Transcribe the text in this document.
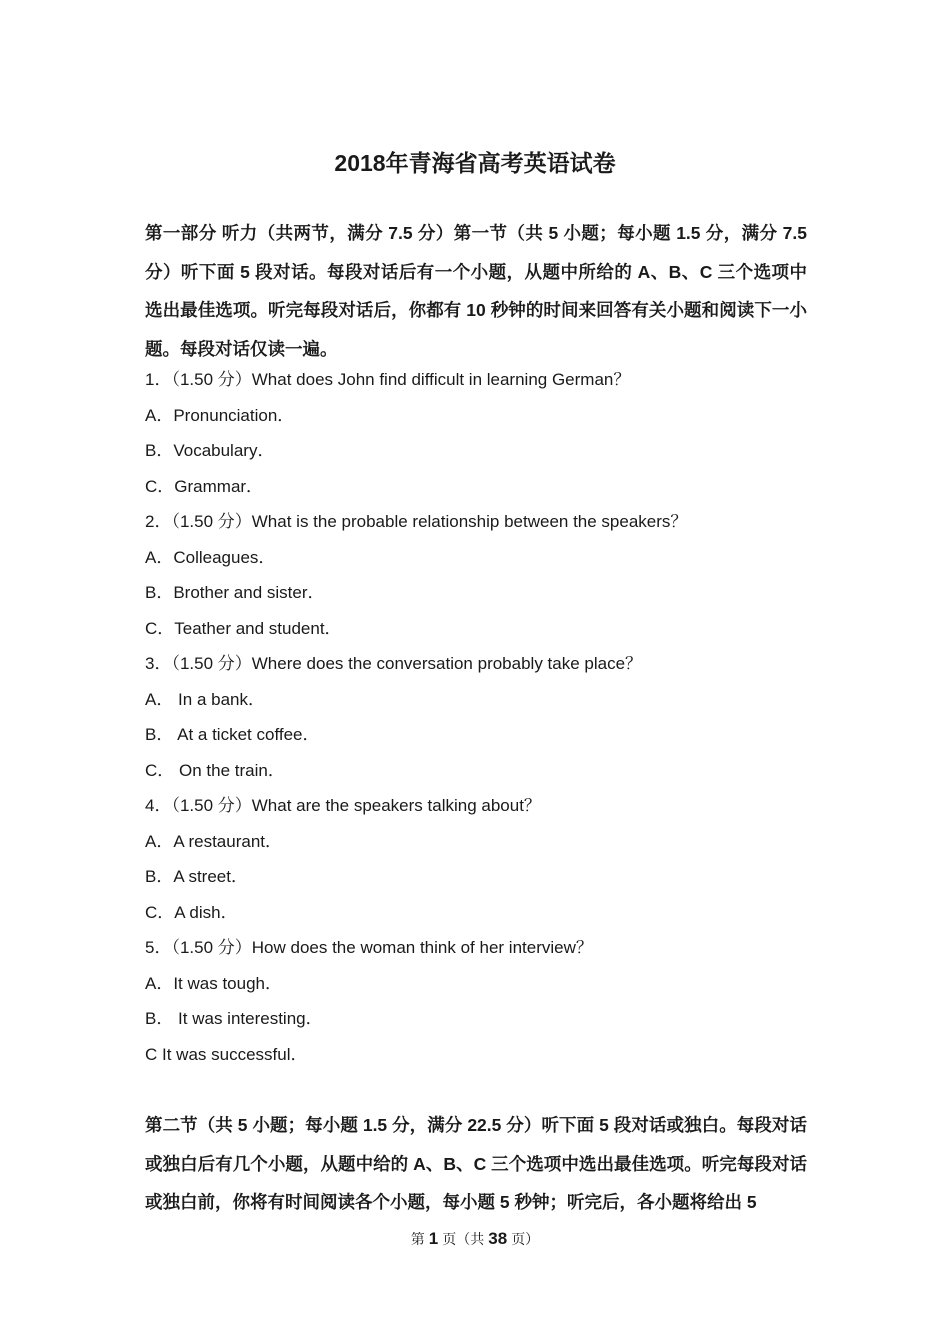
2018年青海省高考英语试卷

第一部分 听力（共两节，满分 7.5 分）第一节（共 5 小题；每小题 1.5 分，满分 7.5 分）听下面 5 段对话。每段对话后有一个小题，从题中所给的 A、B、C 三个选项中选出最佳选项。听完每段对话后，你都有 10 秒钟的时间来回答有关小题和阅读下一小题。每段对话仅读一遍。

1．（1.50 分）What does John find difficult in learning German？
A．Pronunciation．
B．Vocabulary．
C．Grammar．
2．（1.50 分）What is the probable relationship between the speakers？
A．Colleagues．
B．Brother and sister．
C．Teather and student．
3．（1.50 分）Where does the conversation probably take place？
A． In a bank．
B． At a ticket coffee．
C． On the train．
4．（1.50 分）What are the speakers talking about？
A．A restaurant．
B．A street．
C．A dish．
5．（1.50 分）How does the woman think of her interview？
A．It was tough．
B． It was interesting．
C It was successful．

第二节（共 5 小题；每小题 1.5 分，满分 22.5 分）听下面 5 段对话或独白。每段对话或独白后有几个小题，从题中给的 A、B、C 三个选项中选出最佳选项。听完每段对话或独白前，你将有时间阅读各个小题，每小题 5 秒钟；听完后，各小题将给出 5

第 1 页（共 38 页）
